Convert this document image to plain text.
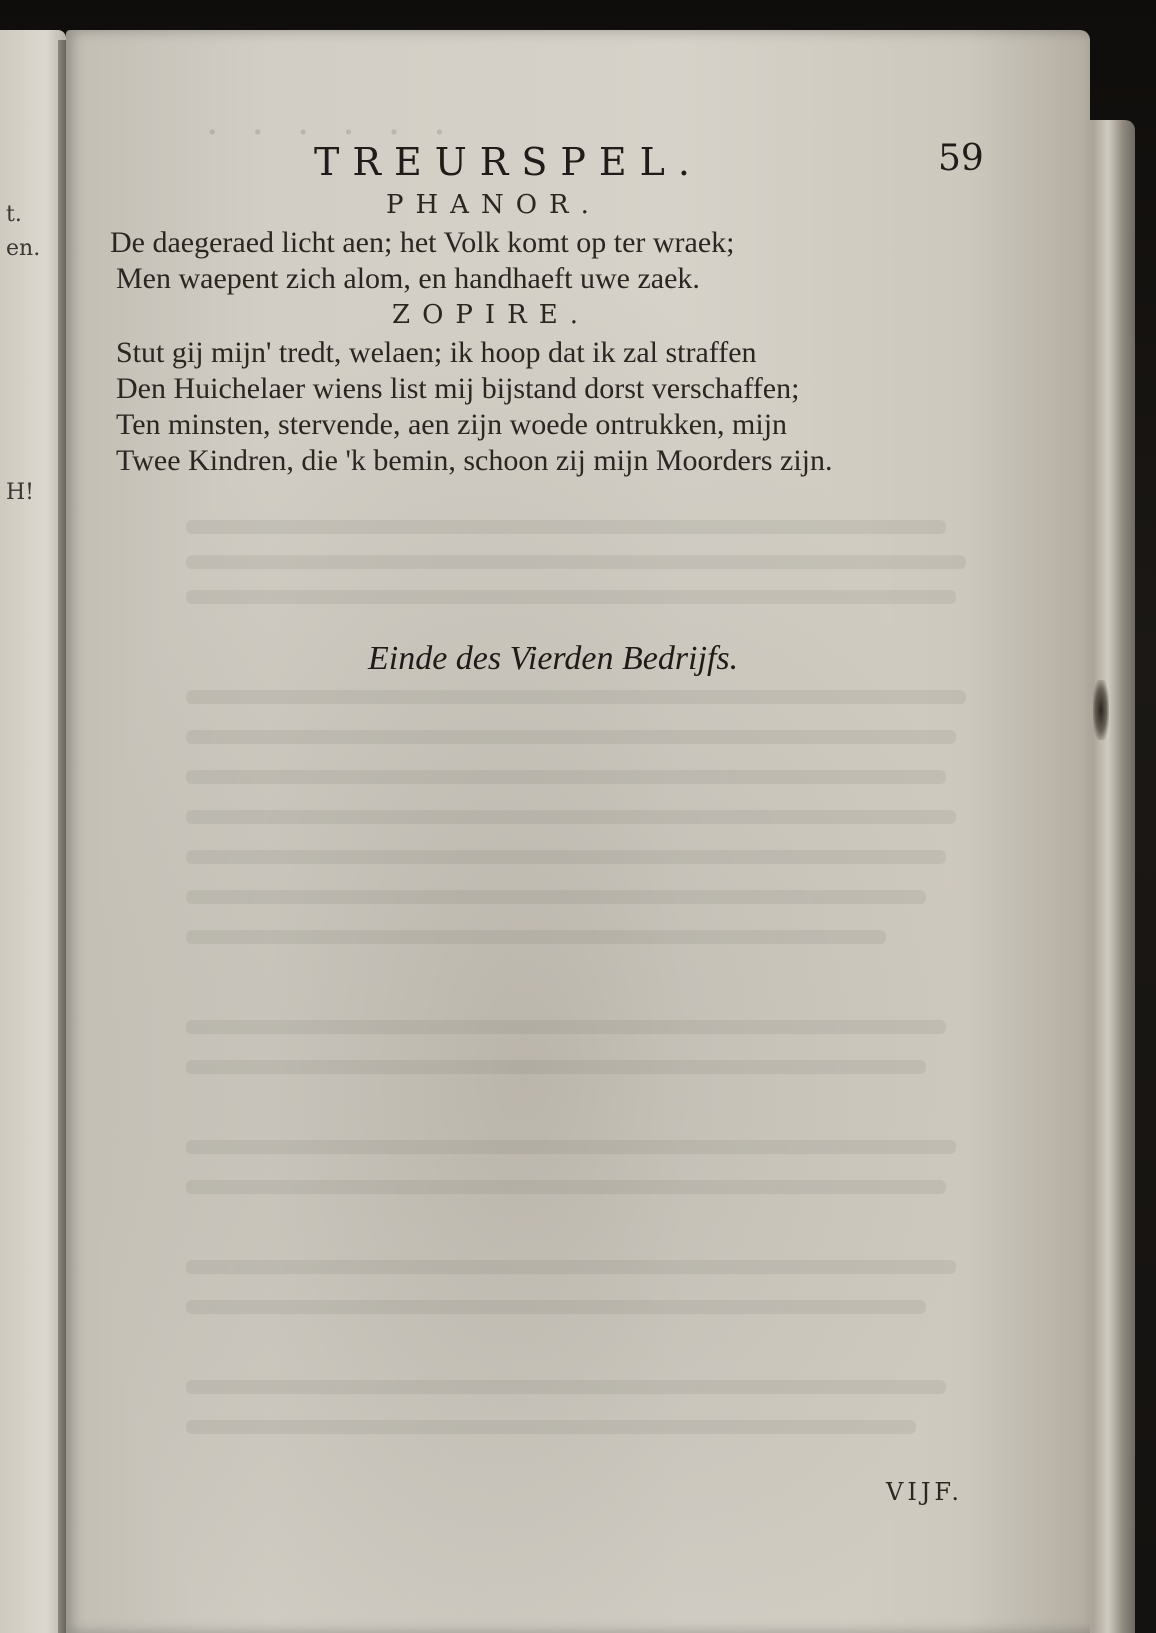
t.
en.
H!
· · · · · ·
TREURSPEL.	59
PHANOR.
De daegeraed licht aen; het Volk komt op ter wraek;
Men waepent zich alom, en handhaeft uwe zaek.
ZOPIRE.
Stut gij mijn' tredt, welaen; ik hoop dat ik zal straffen
Den Huichelaer wiens list mij bijstand dorst verschaffen;
Ten minsten, stervende, aen zijn woede ontrukken, mijn
Twee Kindren, die 'k bemin, schoon zij mijn Moorders zijn.
Einde des Vierden Bedrijfs.
VIJF.
